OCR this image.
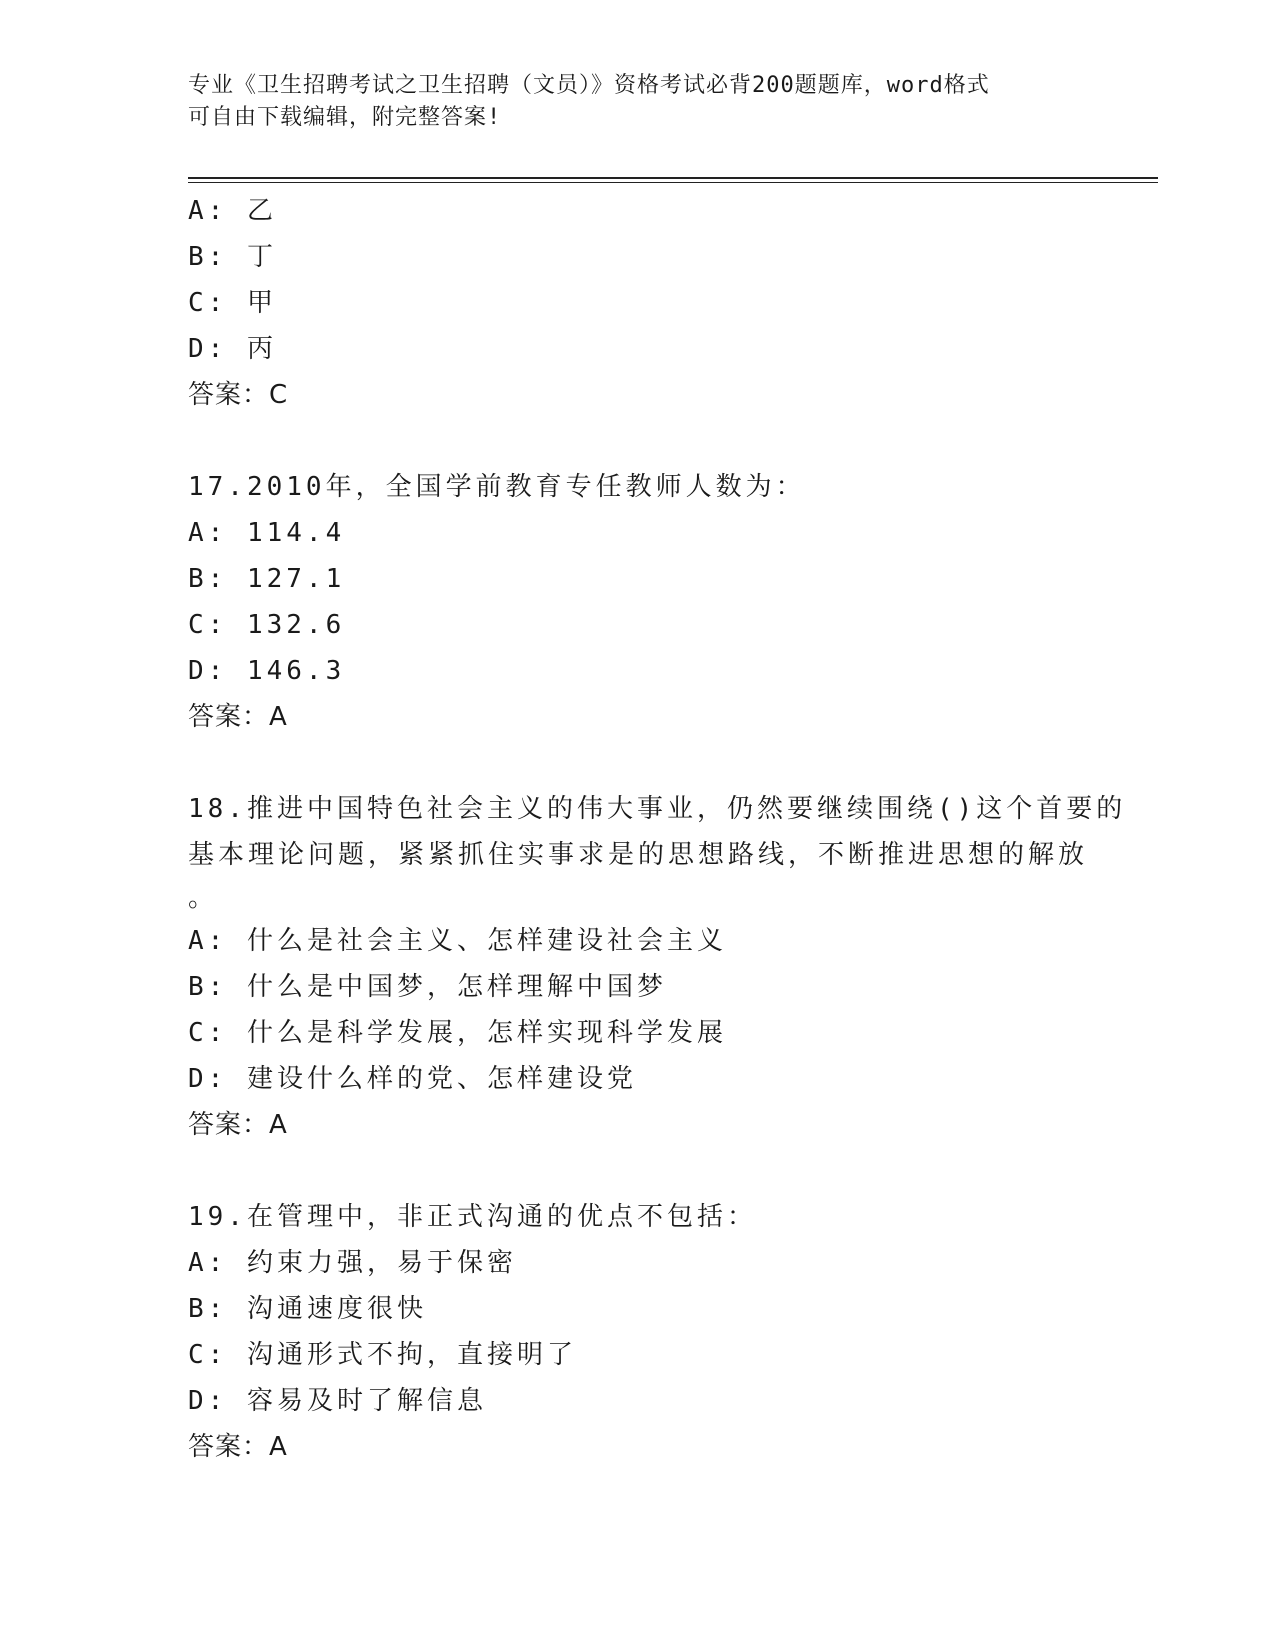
专业《卫生招聘考试之卫生招聘（文员）》资格考试必背200题题库，word格式
可自由下载编辑，附完整答案!
A: 乙
B: 丁
C: 甲
D: 丙
答案：C
17.2010年，全国学前教育专任教师人数为：
A: 114.4
B: 127.1
C: 132.6
D: 146.3
答案：A
18.推进中国特色社会主义的伟大事业，仍然要继续围绕()这个首要的
基本理论问题，紧紧抓住实事求是的思想路线，不断推进思想的解放
。
A: 什么是社会主义、怎样建设社会主义
B: 什么是中国梦，怎样理解中国梦
C: 什么是科学发展，怎样实现科学发展
D: 建设什么样的党、怎样建设党
答案：A
19.在管理中，非正式沟通的优点不包括：
A: 约束力强，易于保密
B: 沟通速度很快
C: 沟通形式不拘，直接明了
D: 容易及时了解信息
答案：A
